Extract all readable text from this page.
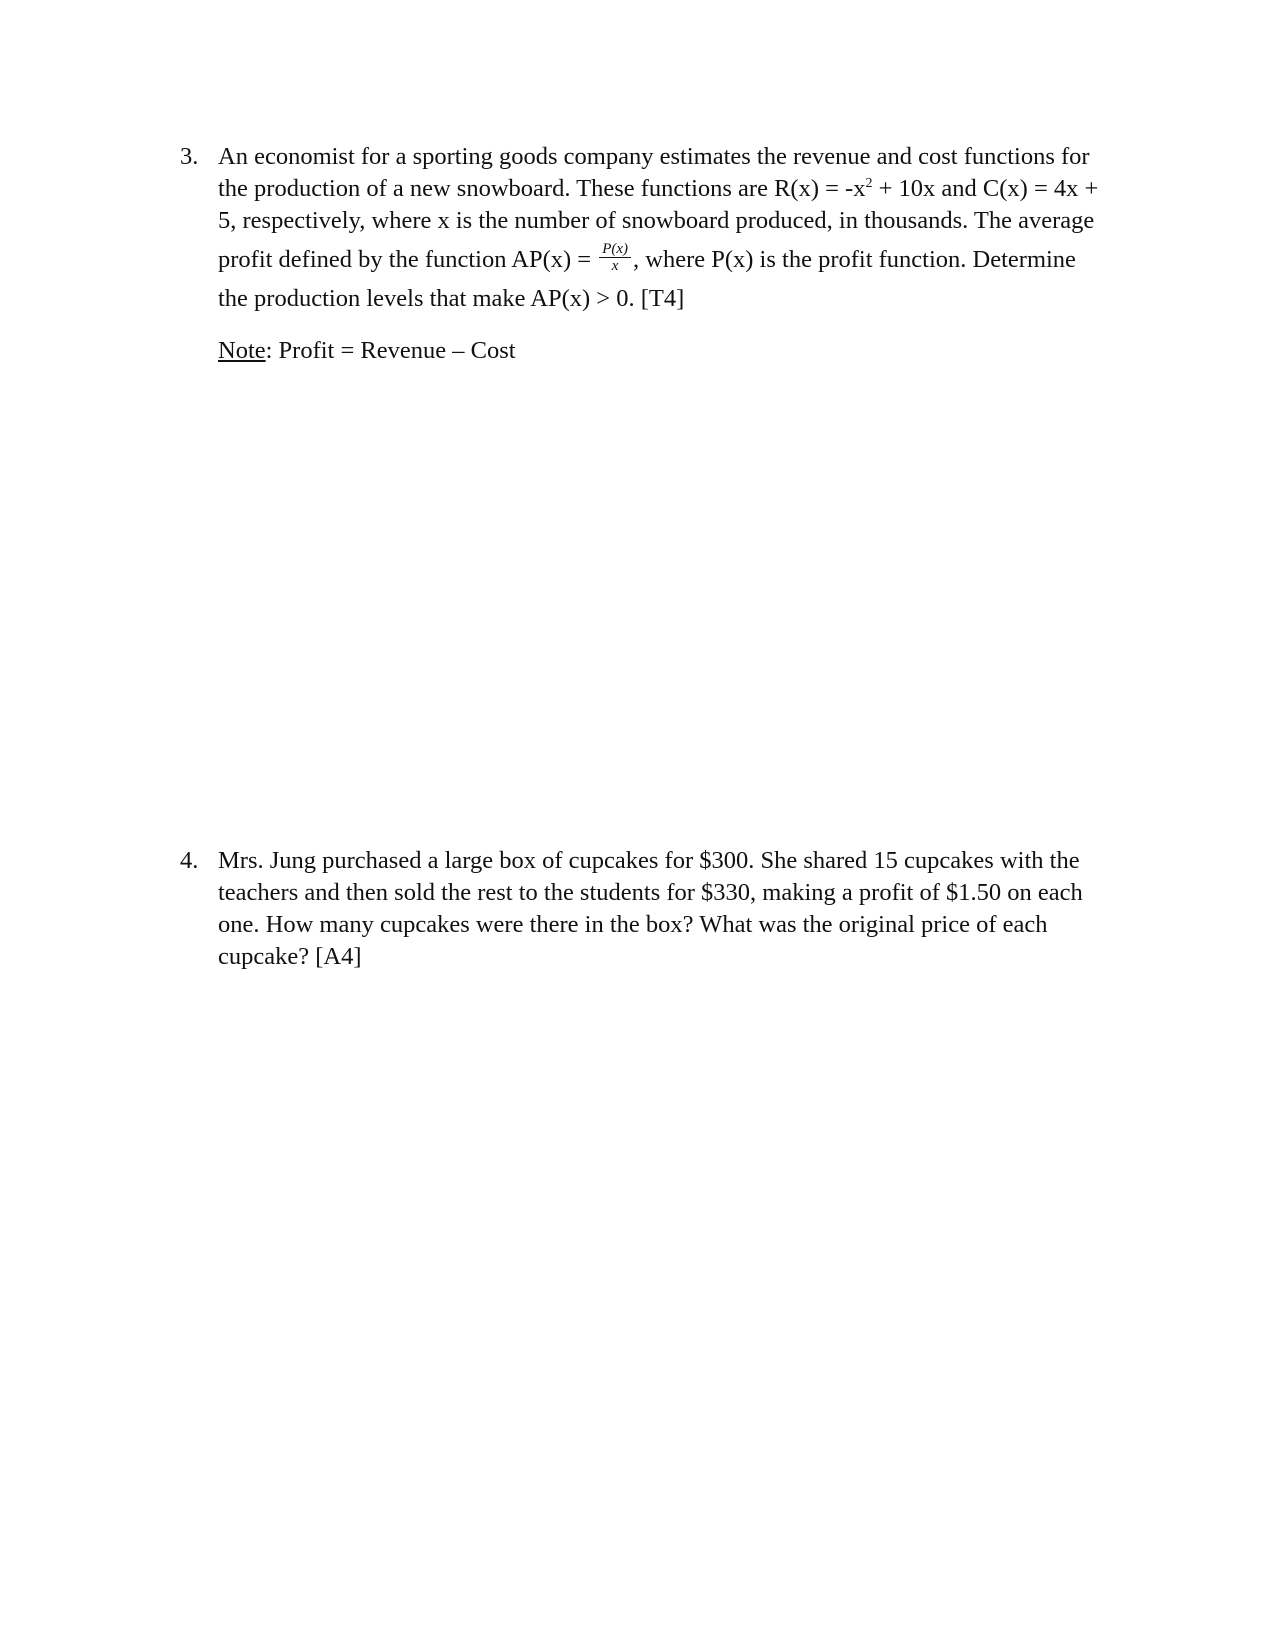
3. An economist for a sporting goods company estimates the revenue and cost functions for
the production of a new snowboard. These functions are $R(x) = -x^2 + 10x$ and C(x) = 4x +
5, respectively, where x is the number of snowboard produced, in thousands. The average
profit defined by the function $AP(x) = \frac{P(x)}{x}$ , where P(x) is the profit function. Determine
the production levels that make AP(x) > 0. [T4]
Note: Profit = Revenue – Cost
4. Mrs. Jung purchased a large box of cupcakes for $300. She shared 15 cupcakes with the
teachers and then sold the rest to the students for $330, making a profit of $1.50 on each
one. How many cupcakes were there in the box? What was the original price of each
cupcake? [A4]
